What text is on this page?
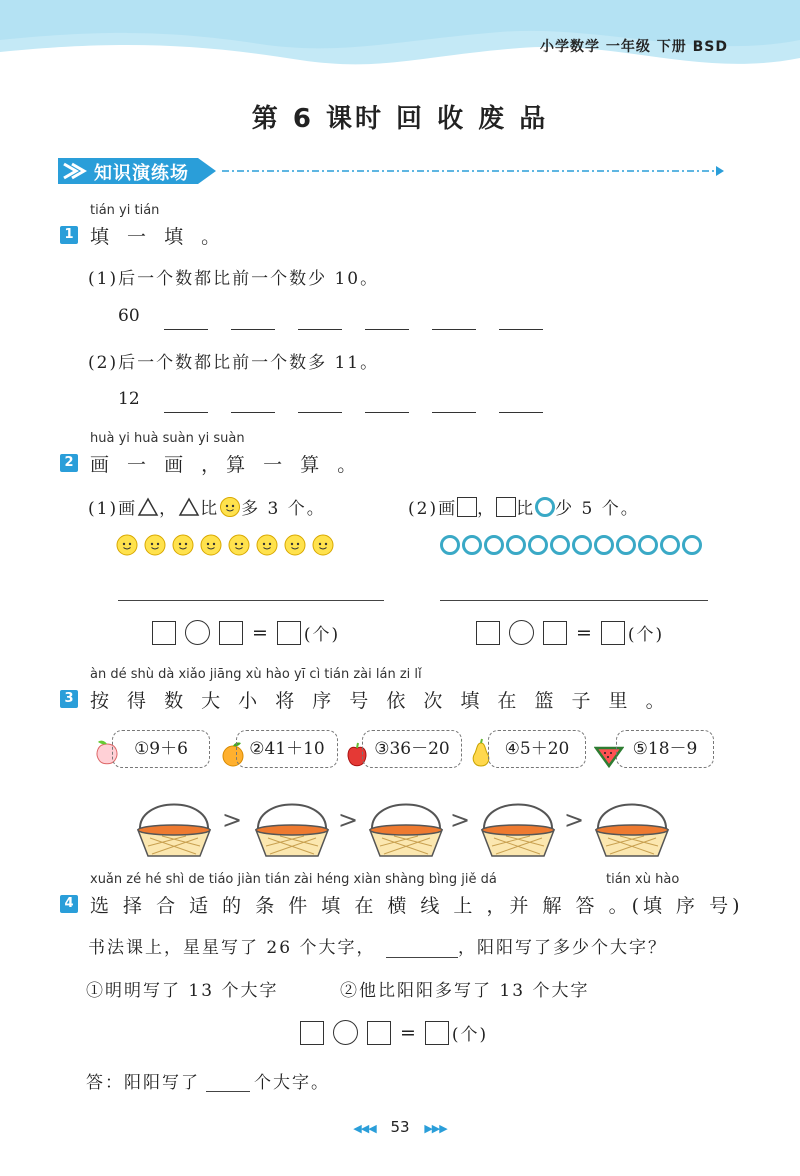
小学数学 一年级 下册 BSD
第 6 课时 回 收 废 品
知识演练场
tián yi tián
1 填 一 填 。
(1)后一个数都比前一个数少 10。
60
(2)后一个数都比前一个数多 11。
12
huà yi huà suàn yi suàn
2 画 一 画 ，算 一 算 。
(1)画 ， 比 多 3 个。	(2)画 ， 比 少 5 个。
= (个)	= (个)
àn dé shù dà xiǎo jiāng xù hào yī cì tián zài lán zi lǐ
3 按 得 数 大 小 将 序 号 依 次 填 在 篮 子 里 。
①9＋6	②41＋10	③36－20	④5＋20	⑤18－9
>	>	>	>
xuǎn zé hé shì de tiáo jiàn tián zài héng xiàn shàng bìng jiě dá	tián xù hào
4 选 择 合 适 的 条 件 填 在 横 线 上 ，并 解 答 。(填 序 号)
书法课上，星星写了 26 个大字，	，阳阳写了多少个大字？
①明明写了 13 个大字	②他比阳阳多写了 13 个大字
= (个)
答：阳阳写了	个大字。
◀◀◀ 53 ▶▶▶
